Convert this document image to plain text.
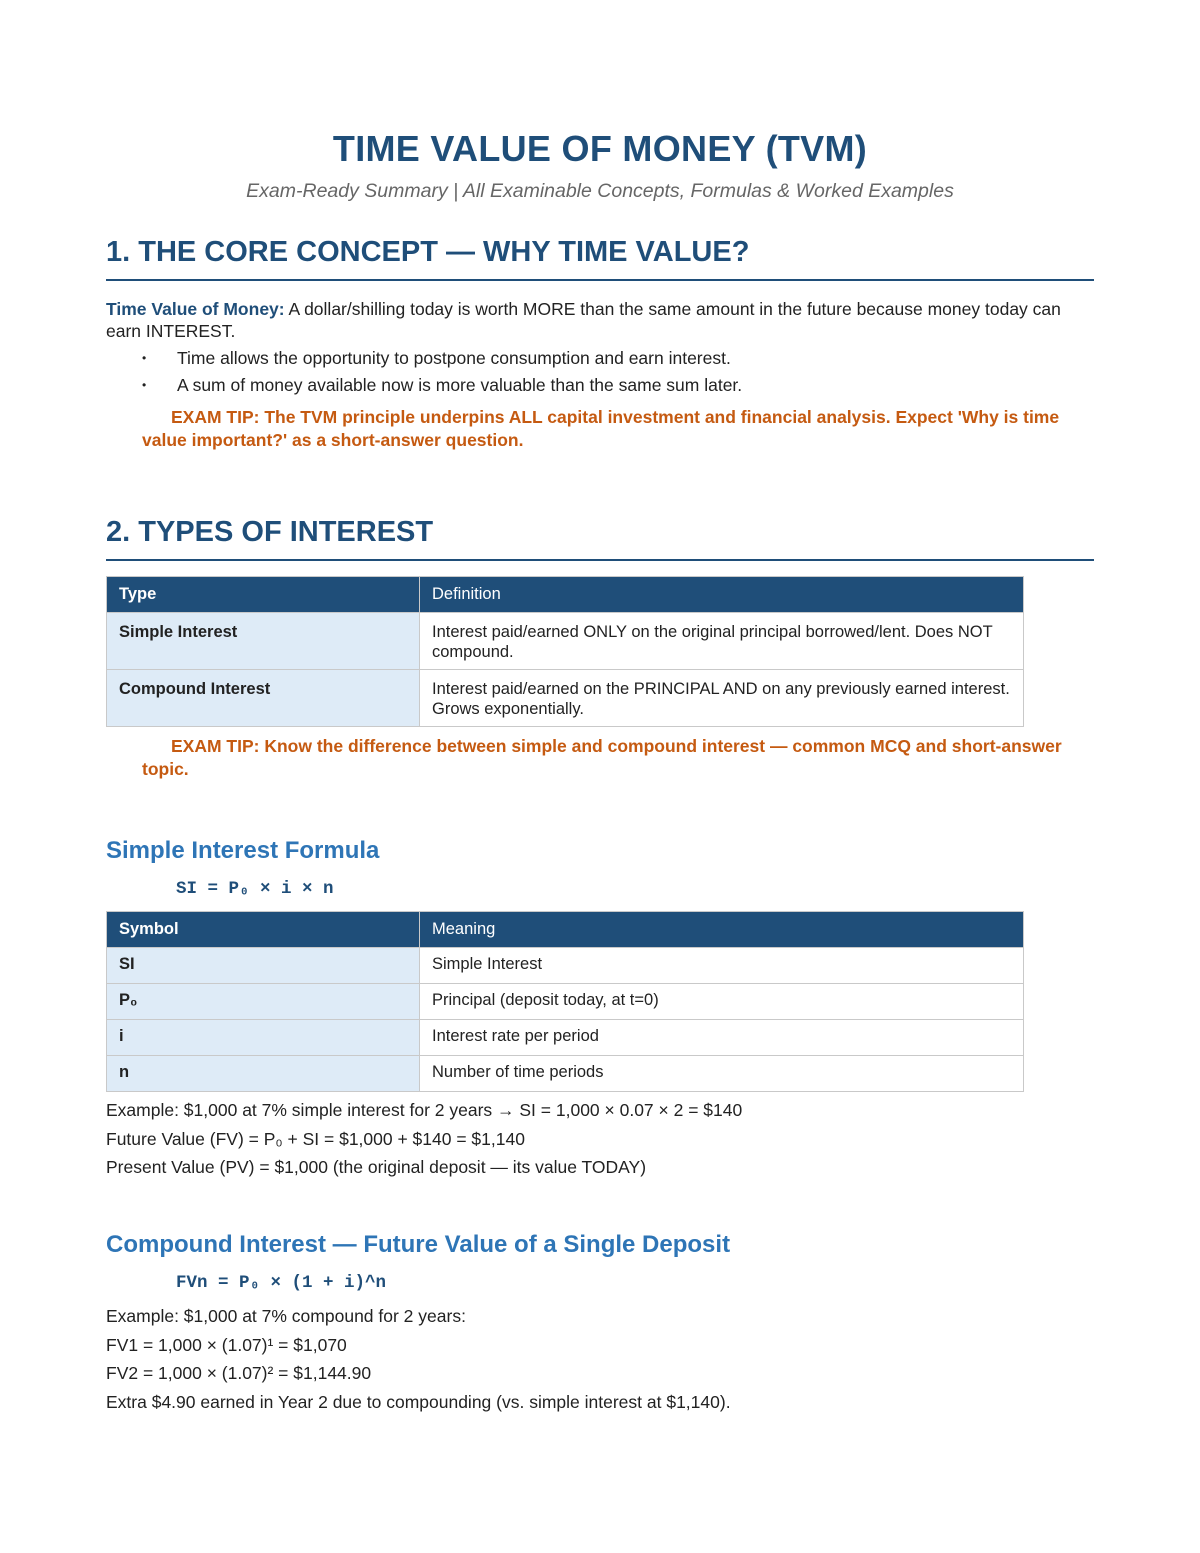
TIME VALUE OF MONEY (TVM)

Exam-Ready Summary | All Examinable Concepts, Formulas & Worked Examples

1. THE CORE CONCEPT — WHY TIME VALUE?

Time Value of Money: A dollar/shilling today is worth MORE than the same amount in the future because money today can earn INTEREST.

• Time allows the opportunity to postpone consumption and earn interest.
• A sum of money available now is more valuable than the same sum later.

EXAM TIP: The TVM principle underpins ALL capital investment and financial analysis. Expect 'Why is time value important?' as a short-answer question.

2. TYPES OF INTEREST
Type	Definition
Simple Interest	Interest paid/earned ONLY on the original principal borrowed/lent. Does NOT compound.
Compound Interest	Interest paid/earned on the PRINCIPAL AND on any previously earned interest. Grows exponentially.

EXAM TIP: Know the difference between simple and compound interest — common MCQ and short-answer topic.

Simple Interest Formula

SI = P₀ × i × n

Symbol	Meaning
SI	Simple Interest
P₀	Principal (deposit today, at t=0)
i	Interest rate per period
n	Number of time periods
Example: $1,000 at 7% simple interest for 2 years → SI = 1,000 × 0.07 × 2 = $140
Future Value (FV) = P₀ + SI = $1,000 + $140 = $1,140
Present Value (PV) = $1,000 (the original deposit — its value TODAY)
Compound Interest — Future Value of a Single Deposit

FVn = P₀ × (1 + i)^n

Example: $1,000 at 7% compound for 2 years:
FV1 = 1,000 × (1.07)¹ = $1,070
FV2 = 1,000 × (1.07)² = $1,144.90
Extra $4.90 earned in Year 2 due to compounding (vs. simple interest at $1,140).
